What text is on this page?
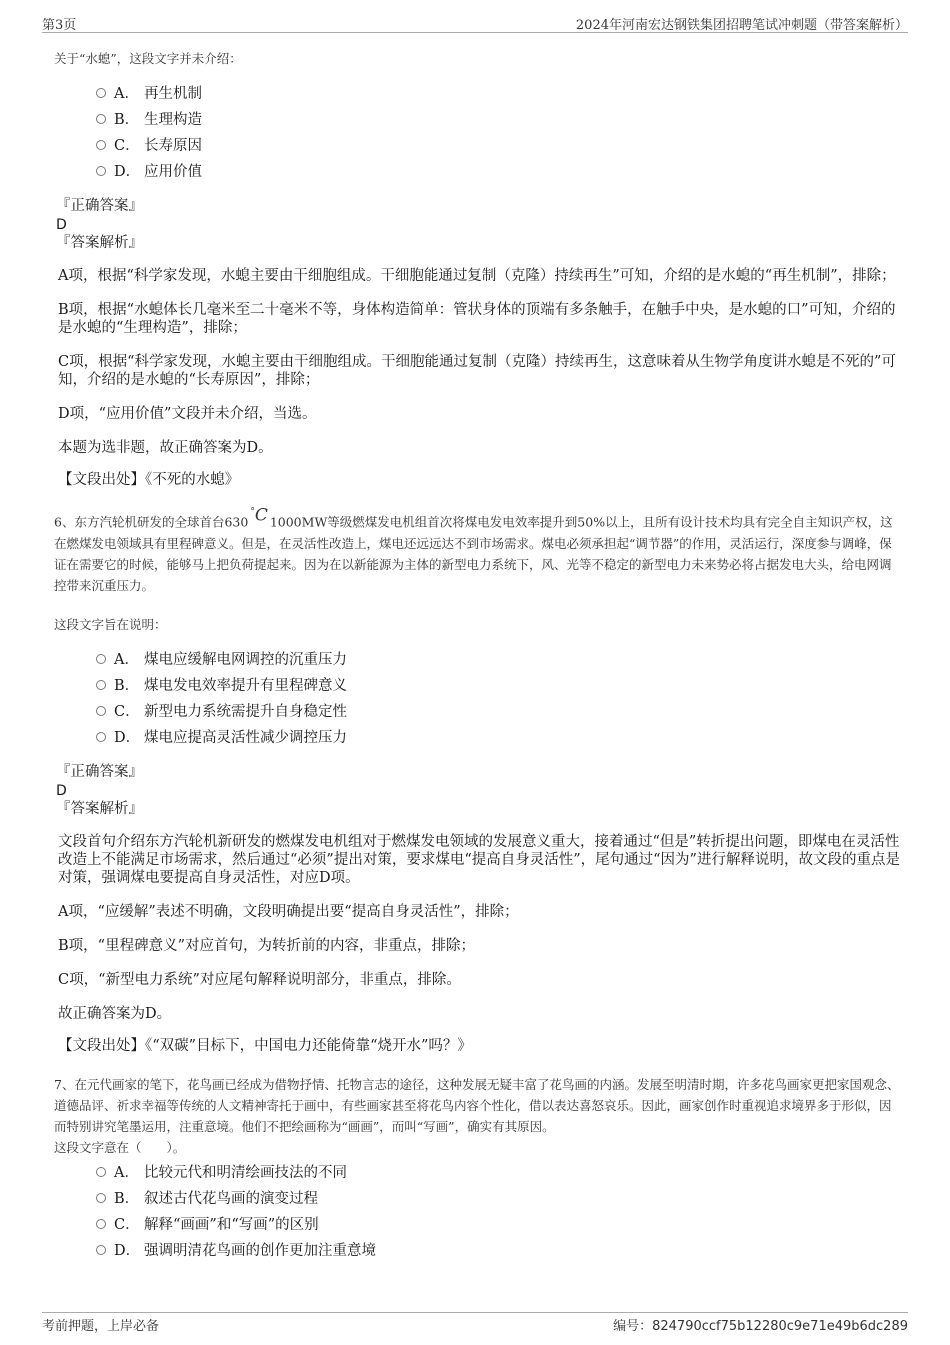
第3页	2024年河南宏达钢铁集团招聘笔试冲刺题（带答案解析）

关于“水螅”，这段文字并未介绍：

A． 再生机制
B． 生理构造
C． 长寿原因
D． 应用价值
『正确答案』
D
『答案解析』

A项，根据“科学家发现，水螅主要由干细胞组成。干细胞能通过复制（克隆）持续再生”可知，介绍的是水螅的“再生机制”，排除；

B项，根据“水螅体长几毫米至二十毫米不等，身体构造简单：管状身体的顶端有多条触手，在触手中央，是水螅的口”可知，介绍的是水螅的“生理构造”，排除；

C项，根据“科学家发现，水螅主要由干细胞组成。干细胞能通过复制（克隆）持续再生，这意味着从生物学角度讲水螅是不死的”可知，介绍的是水螅的“长寿原因”，排除；

D项，“应用价值”文段并未介绍，当选。

本题为选非题，故正确答案为D。

【文段出处】《不死的水螅》

6、东方汽轮机研发的全球首台630°C 1000MW等级燃煤发电机组首次将煤电发电效率提升到50%以上，且所有设计技术均具有完全自主知识产权，这在燃煤发电领域具有里程碑意义。但是，在灵活性改造上，煤电还远远达不到市场需求。煤电必须承担起“调节器”的作用，灵活运行，深度参与调峰，保证在需要它的时候，能够马上把负荷提起来。因为在以新能源为主体的新型电力系统下，风、光等不稳定的新型电力未来势必将占据发电大头，给电网调控带来沉重压力。

这段文字旨在说明：

A． 煤电应缓解电网调控的沉重压力
B． 煤电发电效率提升有里程碑意义
C． 新型电力系统需提升自身稳定性
D． 煤电应提高灵活性减少调控压力
『正确答案』
D
『答案解析』

文段首句介绍东方汽轮机新研发的燃煤发电机组对于燃煤发电领域的发展意义重大，接着通过“但是”转折提出问题，即煤电在灵活性改造上不能满足市场需求，然后通过“必须”提出对策，要求煤电“提高自身灵活性”，尾句通过“因为”进行解释说明，故文段的重点是对策，强调煤电要提高自身灵活性，对应D项。

A项，“应缓解”表述不明确，文段明确提出要“提高自身灵活性”，排除；

B项，“里程碑意义”对应首句，为转折前的内容，非重点，排除；

C项，“新型电力系统”对应尾句解释说明部分，非重点，排除。

故正确答案为D。

【文段出处】《“双碳”目标下，中国电力还能倚靠“烧开水”吗？》

7、在元代画家的笔下，花鸟画已经成为借物抒情、托物言志的途径，这种发展无疑丰富了花鸟画的内涵。发展至明清时期，许多花鸟画家更把家国观念、道德品评、祈求幸福等传统的人文精神寄托于画中，有些画家甚至将花鸟内容个性化，借以表达喜怒哀乐。因此，画家创作时重视追求境界多于形似，因而特别讲究笔墨运用，注重意境。他们不把绘画称为“画画”，而叫“写画”，确实有其原因。

这段文字意在（　　）。

A． 比较元代和明清绘画技法的不同
B． 叙述古代花鸟画的演变过程
C． 解释“画画”和“写画”的区别
D． 强调明清花鸟画的创作更加注重意境
考前押题，上岸必备	编号：824790ccf75b12280c9e71e49b6dc289
